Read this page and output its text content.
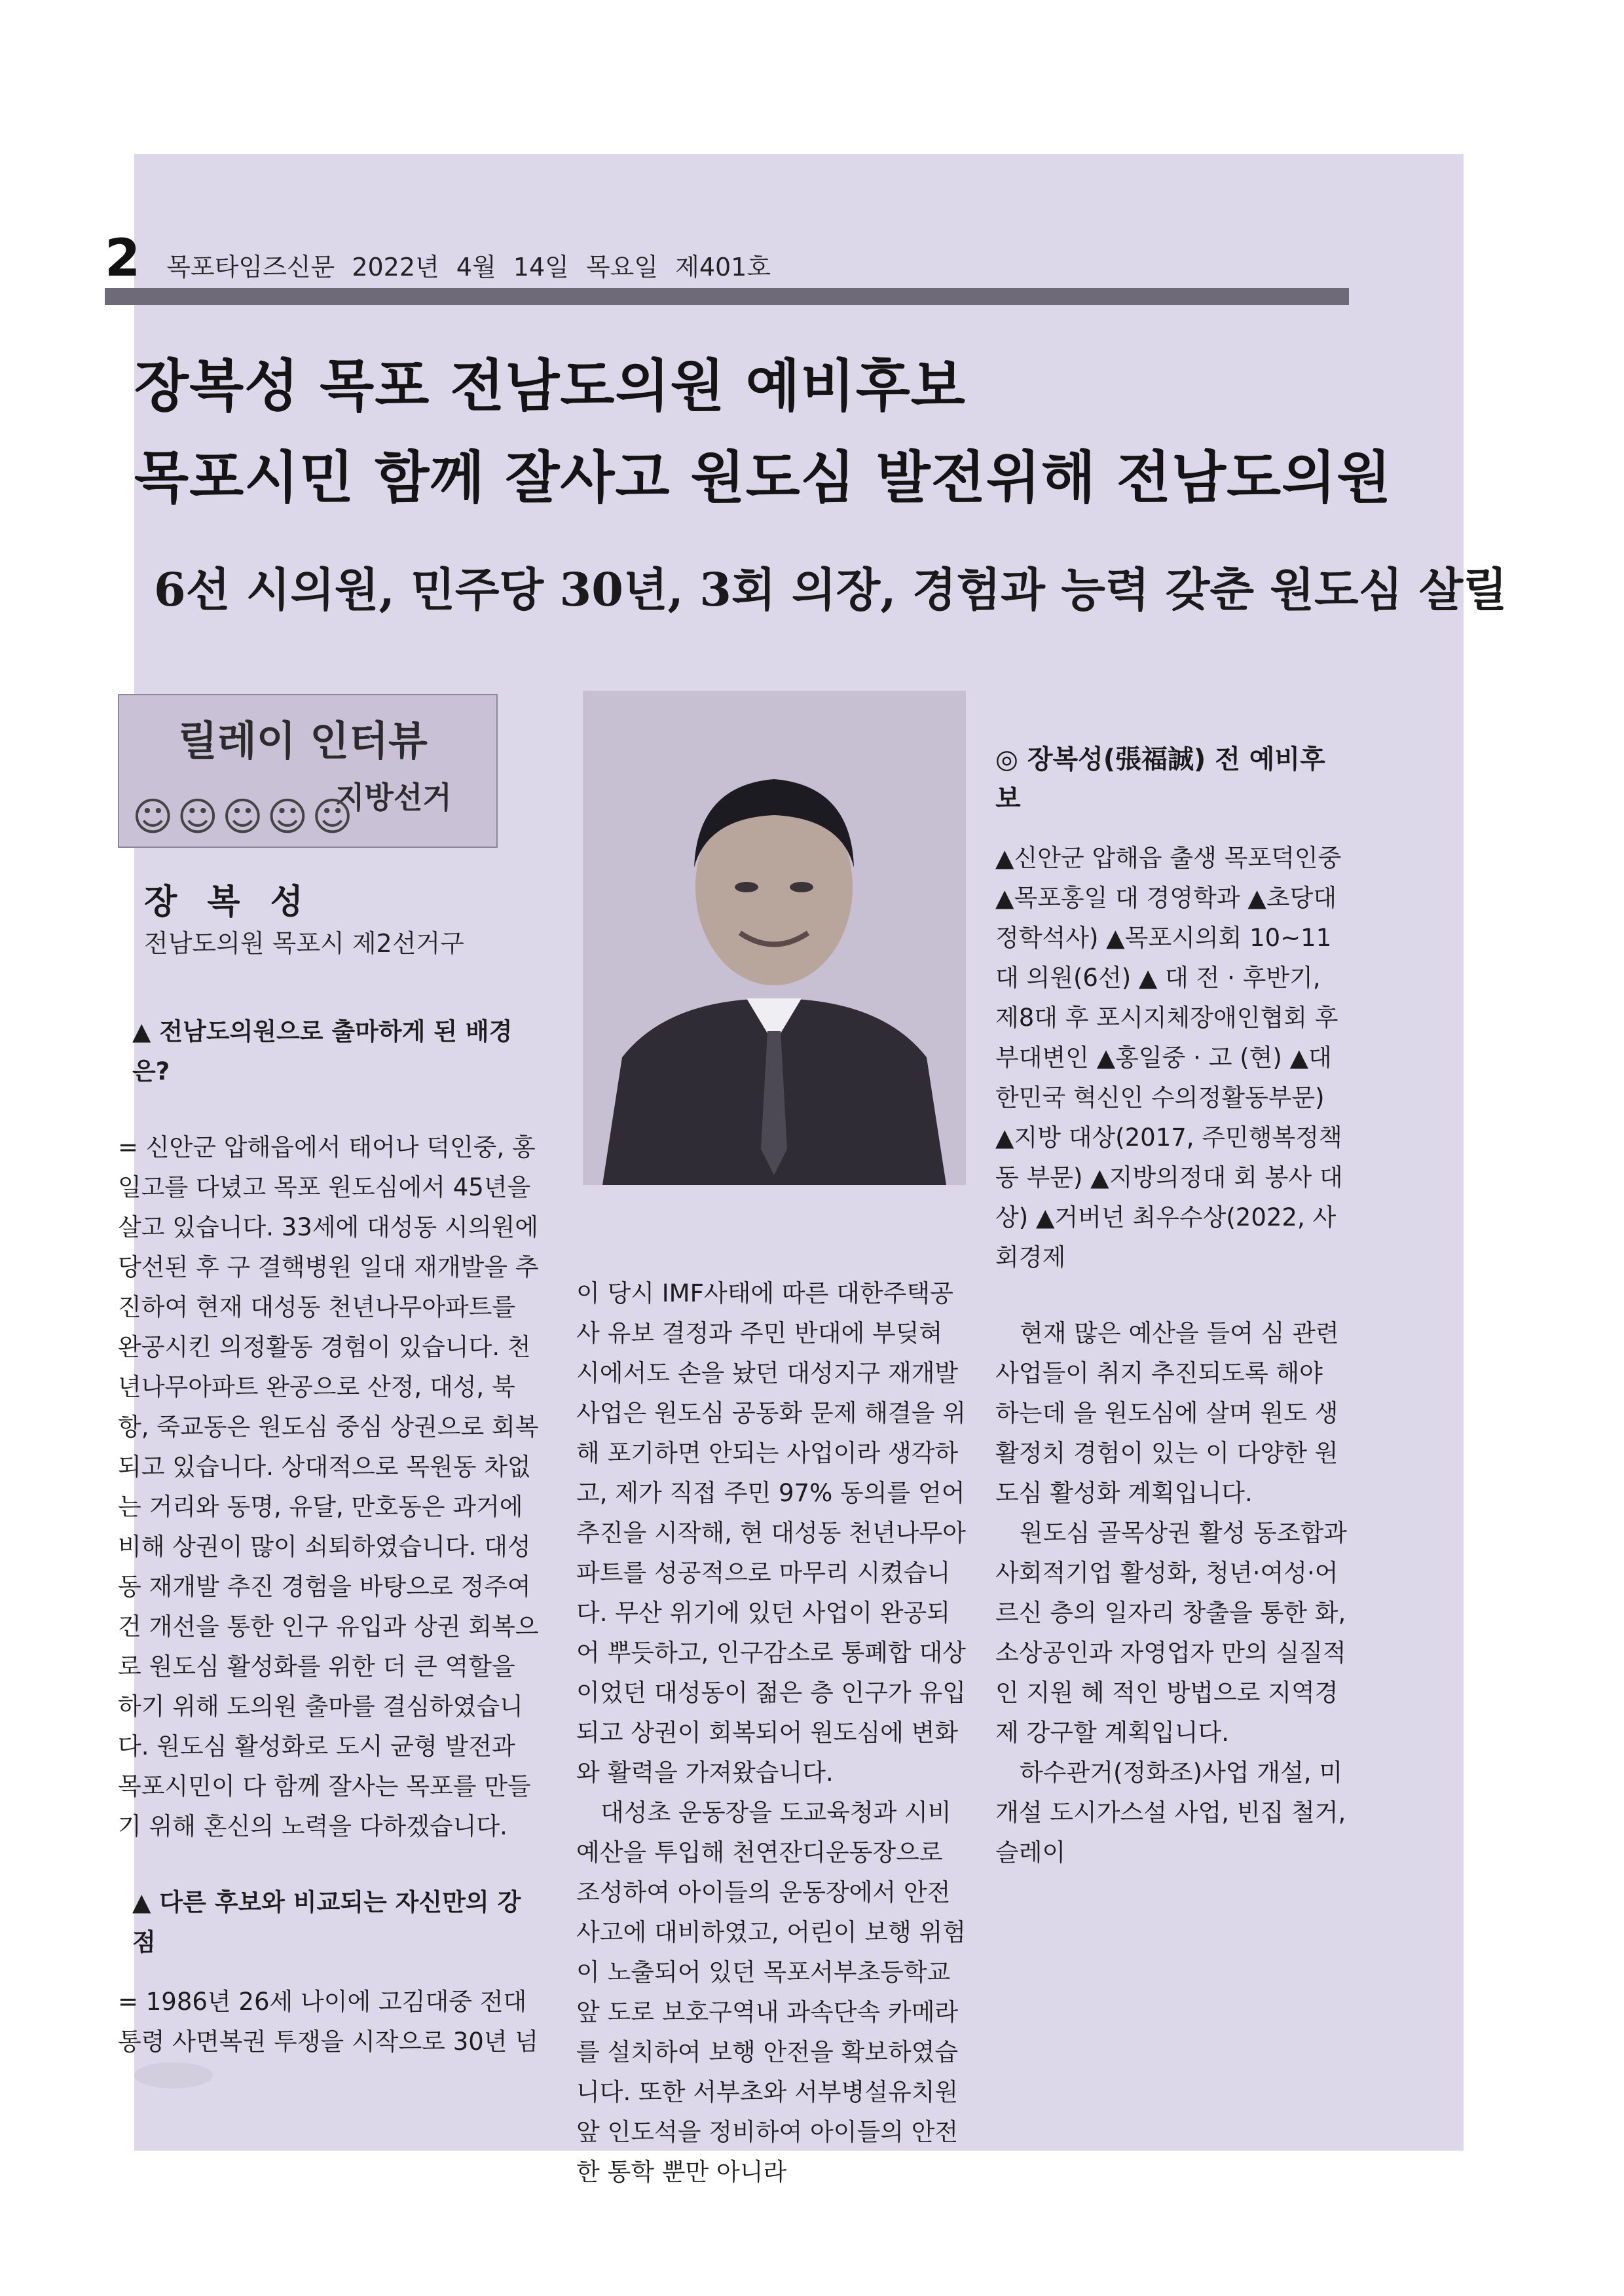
2 목포타임즈신문 2022년 4월 14일 목요일 제401호
장복성 목포 전남도의원 예비후보
목포시민 함께 잘사고 원도심 발전위해 전남도의원
6선 시의원, 민주당 30년, 3회 의장, 경험과 능력 갖춘 원도심 살릴
릴레이 인터뷰
지방선거
☺☺☺☺☺
장 복 성
전남도의원 목포시 제2선거구

▲ 전남도의원으로 출마하게 된 배경은?

= 신안군 압해읍에서 태어나 덕인중, 홍일고를 다녔고 목포 원도심에서 45년을 살고 있습니다. 33세에 대성동 시의원에 당선된 후 구 결핵병원 일대 재개발을 추진하여 현재 대성동 천년나무아파트를 완공시킨 의정활동 경험이 있습니다. 천년나무아파트 완공으로 산정, 대성, 북항, 죽교동은 원도심 중심 상권으로 회복되고 있습니다. 상대적으로 목원동 차없는 거리와 동명, 유달, 만호동은 과거에 비해 상권이 많이 쇠퇴하였습니다. 대성동 재개발 추진 경험을 바탕으로 정주여건 개선을 통한 인구 유입과 상권 회복으로 원도심 활성화를 위한 더 큰 역할을 하기 위해 도의원 출마를 결심하였습니다. 원도심 활성화로 도시 균형 발전과 목포시민이 다 함께 잘사는 목포를 만들기 위해 혼신의 노력을 다하겠습니다.

▲ 다른 후보와 비교되는 자신만의 강점

= 1986년 26세 나이에 고김대중 전대통령 사면복권 투쟁을 시작으로 30년 넘

이 당시 IMF사태에 따른 대한주택공사 유보 결정과 주민 반대에 부딪혀 시에서도 손을 놨던 대성지구 재개발 사업은 원도심 공동화 문제 해결을 위해 포기하면 안되는 사업이라 생각하고, 제가 직접 주민 97% 동의를 얻어 추진을 시작해, 현 대성동 천년나무아파트를 성공적으로 마무리 시켰습니다. 무산 위기에 있던 사업이 완공되어 뿌듯하고, 인구감소로 통폐합 대상이었던 대성동이 젊은 층 인구가 유입되고 상권이 회복되어 원도심에 변화와 활력을 가져왔습니다.

대성초 운동장을 도교육청과 시비 예산을 투입해 천연잔디운동장으로 조성하여 아이들의 운동장에서 안전사고에 대비하였고, 어린이 보행 위험이 노출되어 있던 목포서부초등학교 앞 도로 보호구역내 과속단속 카메라를 설치하여 보행 안전을 확보하였습니다. 또한 서부초와 서부병설유치원 앞 인도석을 정비하여 아이들의 안전한 통학 뿐만 아니라

◎ 장복성(張福誠) 전 예비후보

▲신안군 압해읍 출생 목포덕인중 ▲목포홍일 대 경영학과 ▲초당대 정학석사) ▲목포시의회 10~11대 의원(6선) ▲ 대 전 · 후반기, 제8대 후 포시지체장애인협회 후 부대변인 ▲홍일중 · 고 (현) ▲대한민국 혁신인 수의정활동부문) ▲지방 대상(2017, 주민행복정책 동 부문) ▲지방의정대 회 봉사 대상) ▲거버넌 최우수상(2022, 사회경제

현재 많은 예산을 들여 심 관련 사업들이 취지 추진되도록 해야 하는데 을 원도심에 살며 원도 생활정치 경험이 있는 이 다양한 원도심 활성화 계획입니다.

원도심 골목상권 활성 동조합과 사회적기업 활성화, 청년·여성·어르신 층의 일자리 창출을 통한 화, 소상공인과 자영업자 만의 실질적인 지원 혜 적인 방법으로 지역경제 강구할 계획입니다.

하수관거(정화조)사업 개설, 미개설 도시가스설 사업, 빈집 철거, 슬레이
